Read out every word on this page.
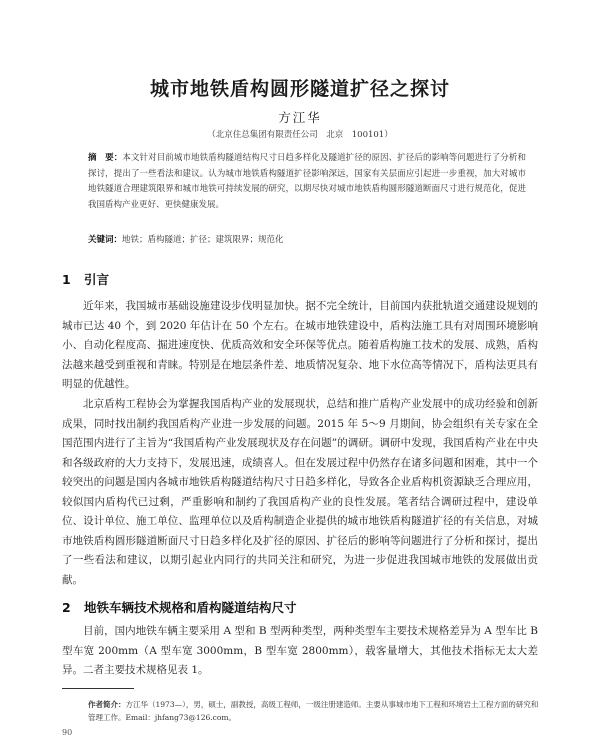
城市地铁盾构圆形隧道扩径之探讨
方江华
（北京住总集团有限责任公司　北京　100101）
摘　要：本文针对目前城市地铁盾构隧道结构尺寸日趋多样化及隧道扩径的原因、扩径后的影响等问题进行了分析和探讨，提出了一些看法和建议。认为城市地铁盾构隧道扩径影响深远，国家有关层面应引起进一步重视，加大对城市地铁隧道合理建筑限界和城市地铁可持续发展的研究，以期尽快对城市地铁盾构圆形隧道断面尺寸进行规范化，促进我国盾构产业更好、更快健康发展。
关键词：地铁；盾构隧道；扩径；建筑限界；规范化
1 引言
近年来，我国城市基础设施建设步伐明显加快。据不完全统计，目前国内获批轨道交通建设规划的城市已达 40 个，到 2020 年估计在 50 个左右。在城市地铁建设中，盾构法施工具有对周围环境影响小、自动化程度高、掘进速度快、优质高效和安全环保等优点。随着盾构施工技术的发展、成熟，盾构法越来越受到重视和青睐。特别是在地层条件差、地质情况复杂、地下水位高等情况下，盾构法更具有明显的优越性。
北京盾构工程协会为掌握我国盾构产业的发展现状，总结和推广盾构产业发展中的成功经验和创新成果，同时找出制约我国盾构产业进一步发展的问题。2015 年 5～9 月期间，协会组织有关专家在全国范围内进行了主旨为“我国盾构产业发展现状及存在问题”的调研。调研中发现，我国盾构产业在中央和各级政府的大力支持下，发展迅速，成绩喜人。但在发展过程中仍然存在诸多问题和困难，其中一个较突出的问题是国内各城市地铁盾构隧道结构尺寸日趋多样化，导致各企业盾构机资源缺乏合理应用，较似国内盾构代已过剩，严重影响和制约了我国盾构产业的良性发展。笔者结合调研过程中，建设单位、设计单位、施工单位、监理单位以及盾构制造企业提供的城市地铁盾构隧道扩径的有关信息，对城市地铁盾构圆形隧道断面尺寸日趋多样化及扩径的原因、扩径后的影响等问题进行了分析和探讨，提出了一些看法和建议，以期引起业内同行的共同关注和研究，为进一步促进我国城市地铁的发展做出贡献。
2 地铁车辆技术规格和盾构隧道结构尺寸
目前，国内地铁车辆主要采用 A 型和 B 型两种类型，两种类型车主要技术规格差异为 A 型车比 B 型车宽 200mm（A 型车宽 3000mm，B 型车宽 2800mm），载客量增大，其他技术指标无太大差异。二者主要技术规格见表 1。
作者简介：方江华（1973—），男，硕士，副教授，高级工程师，一级注册建造师。主要从事城市地下工程和环境岩土工程方面的研究和管理工作。Email：jhfang73@126.com。
90
